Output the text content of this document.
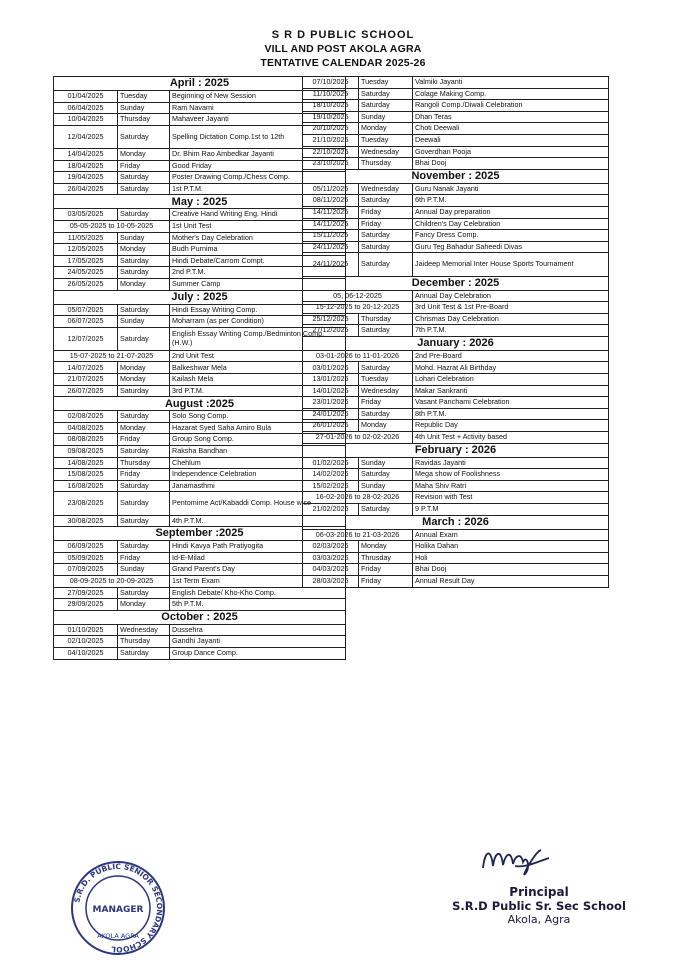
S R D PUBLIC SCHOOL
VILL AND POST AKOLA AGRA
TENTATIVE CALENDAR 2025-26
April : 2025		
01/04/2025	Tuesday	Beginning of New Session
06/04/2025	Sunday	Ram Navami
10/04/2025	Thursday	Mahaveer Jayanti
12/04/2025	Saturday	Spelling Dictation Comp.1st to 12th
14/04/2025	Monday	Dr. Bhim Rao Ambedkar Jayanti
18/04/2025	Friday	Good Friday
19/04/2025	Saturday	Poster Drawing Comp./Chess Comp.
26/04/2025	Saturday	1st P.T.M.
May : 2025		
03/05/2025	Saturday	Creative Hand Writing Eng. Hindi
05-05-2025 to 10-05-2025		1st Unit Test
11/05/2025	Sunday	Mother's Day Celebration
12/05/2025	Monday	Budh Purnima
17/05/2025	Saturday	Hindi Debate/Carrom Compt.
24/05/2025	Saturday	2nd P.T.M.
26/05/2025	Monday	Summer Camp
July : 2025		
05/07/2025	Saturday	Hindi Essay Writing Comp.
06/07/2025	Sunday	Moharram (as per Condition)
12/07/2025	Saturday	English Essay Writing Comp./Bedminton Comp. (H.W.)
15-07-2025 to 21-07-2025		2nd Unit Test
14/07/2025	Monday	Balkeshwar Mela
21/07/2025	Monday	Kailash Mela
26/07/2025	Saturday	3rd P.T.M.
August :2025		
02/08/2025	Saturday	Solo Song Comp.
04/08/2025	Monday	Hazarat Syed Saha Amiro Bula
08/08/2025	Friday	Group Song Comp.
09/08/2025	Saturday	Raksha Bandhan
14/08/2025	Thursday	Chehlum
15/08/2025	Friday	Independence Celebration
16/08/2025	Saturday	Janamasthmi
23/08/2025	Saturday	Pentomime Act/Kabaddi Comp. House wise
30/08/2025	Saturday	4th P.T.M.
September :2025		
06/09/2025	Saturday	Hindi Kavya Path Pratiyogita
05/09/2025	Friday	Id-E-Milad
07/09/2025	Sunday	Grand Parent's Day
08-09-2025 to 20-09-2025		1st Term Exam
27/09/2025	Saturday	English Debate/ Kho-Kho Comp.
29/09/2025	Monday	5th P.T.M.
October : 2025		
01/10/2025	Wednesday	Dussehra
02/10/2025	Thursday	Gandhi Jayanti
04/10/2025	Saturday	Group Dance Comp.
07/10/2025	Tuesday	Valmiki Jayanti
11/10/2025	Saturday	Colage Making Comp.
18/10/2025	Saturday	Rangoli Comp./Diwali Celebration
19/10/2025	Sunday	Dhan Teras
20/10/2025	Monday	Choti Deewali
21/10/2025	Tuesday	Deewali
22/10/2025	Wednesday	Goverdhan Pooja
23/10/2025	Thursday	Bhai Dooj
November : 2025		
05/11/2025	Wednesday	Guru Nanak Jayanti
08/11/2025	Saturday	6th P.T.M.
14/11/2025	Friday	Annual Day preparation
14/11/2025	Friday	Children's Day Celebration
15/11/2025	Saturday	Fancy Dress Comp.
24/11/2025	Saturday	Guru Teg Bahadur Saheedi Divas
24/11/2025	Saturday	Jaideep Memorial Inter House Sports Tournament
December : 2025		
05, 06-12-2025		Annual Day Celebration
15-12-2025 to 20-12-2025		3rd Unit Test & 1st Pre-Board
25/12/2025	Thursday	Chrismas Day Celebration
27/12/2025	Saturday	7th P.T.M.
January : 2026		
03-01-2026 to 11-01-2026		2nd Pre-Board
03/01/2026	Saturday	Mohd. Hazrat Ali Birthday
13/01/2026	Tuesday	Lohari Celebration
14/01/2026	Wednesday	Makar Sankranti
23/01/2026	Friday	Vasant Panchami Celebration
24/01/2026	Saturday	8th P.T.M.
26/01/2026	Monday	Republic Day
27-01-2026 to 02-02-2026		4th Unit Test + Activity based
February : 2026		
01/02/2026	Sunday	Ravidas Jayanti
14/02/2026	Saturday	Mega show of Foolishness
15/02/2026	Sunday	Maha Shiv Ratri
16-02-2026 to 28-02-2026		Revision with Test
21/02/2026	Saturday	9 P.T.M
March : 2026		
06-03-2026 to 21-03-2026		Annual Exam
02/03/2026	Monday	Holika Dahan
03/03/2026	Thrusday	Holi
04/03/2026	Friday	Bhai Dooj
28/03/2026	Friday	Annual Result Day
Principal
S.R.D Public Sr. Sec School
Akola, Agra
S.R.D. PUBLIC SENIOR SECONDARY SCHOOL
MANAGER
AKOLA AGRA
